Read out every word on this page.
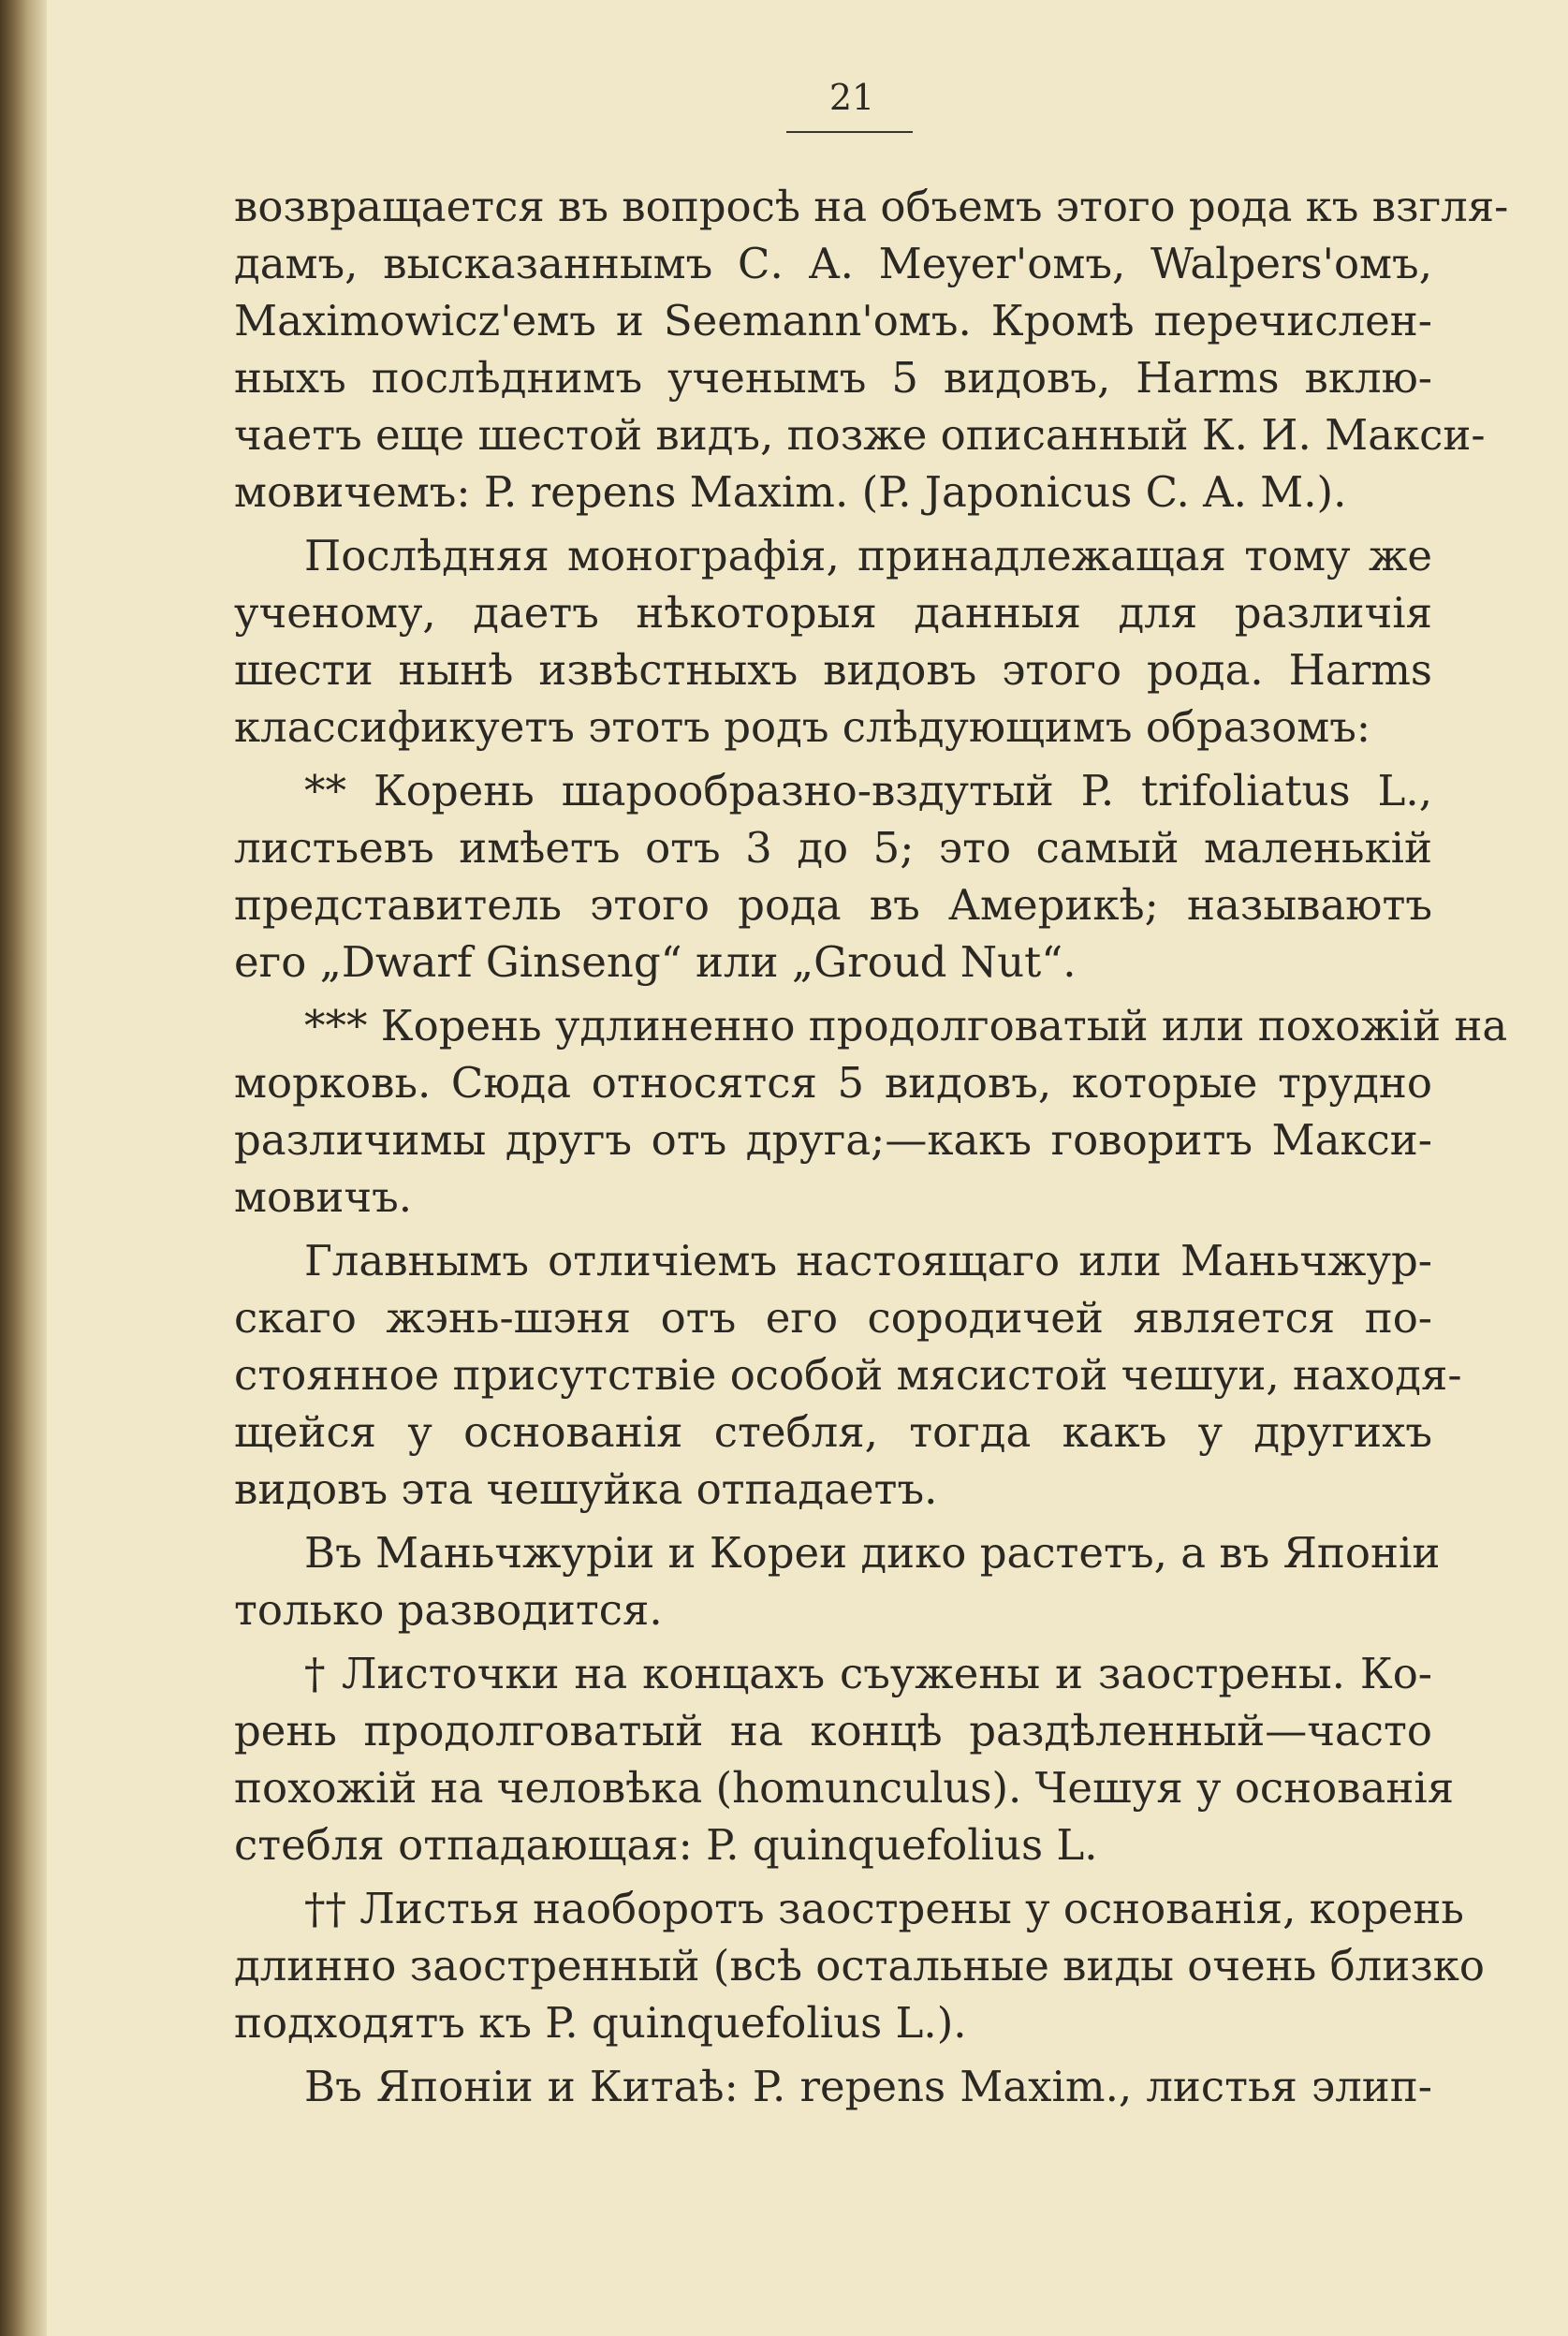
21
возвращается въ вопросѣ на объемъ этого рода къ взгля-
дамъ, высказаннымъ С. А. Meyer'омъ, Walpers'омъ,
Maximowicz'емъ и Seemann'омъ. Кромѣ перечислен-
ныхъ послѣднимъ ученымъ 5 видовъ, Harms вклю-
чаетъ еще шестой видъ, позже описанный К. И. Макси-
мовичемъ: P. repens Maxim. (P. Japonicus C. A. M.).
Послѣдняя монографія, принадлежащая тому же
ученому, даетъ нѣкоторыя данныя для различія
шести нынѣ извѣстныхъ видовъ этого рода. Harms
классификуетъ этотъ родъ слѣдующимъ образомъ:
** Корень шарообразно-вздутый P. trifoliatus L.,
листьевъ имѣетъ отъ 3 до 5; это самый маленькій
представитель этого рода въ Америкѣ; называютъ
его „Dwarf Ginseng“ или „Groud Nut“.
*** Корень удлиненно продолговатый или похожій на
морковь. Сюда относятся 5 видовъ, которые трудно
различимы другъ отъ друга;—какъ говоритъ Макси-
мовичъ.
Главнымъ отличіемъ настоящаго или Маньчжур-
скаго жэнь-шэня отъ его сородичей является по-
стоянное присутствіе особой мясистой чешуи, находя-
щейся у основанія стебля, тогда какъ у другихъ
видовъ эта чешуйка отпадаетъ.
Въ Маньчжуріи и Кореи дико растетъ, а въ Японіи
только разводится.
† Листочки на концахъ съужены и заострены. Ко-
рень продолговатый на концѣ раздѣленный—часто
похожій на человѣка (homunculus). Чешуя у основанія
стебля отпадающая: P. quinquefolius L.
†† Листья наоборотъ заострены у основанія, корень
длинно заостренный (всѣ остальные виды очень близко
подходятъ къ P. quinquefolius L.).
Въ Японіи и Китаѣ: P. repens Maxim., листья элип-
